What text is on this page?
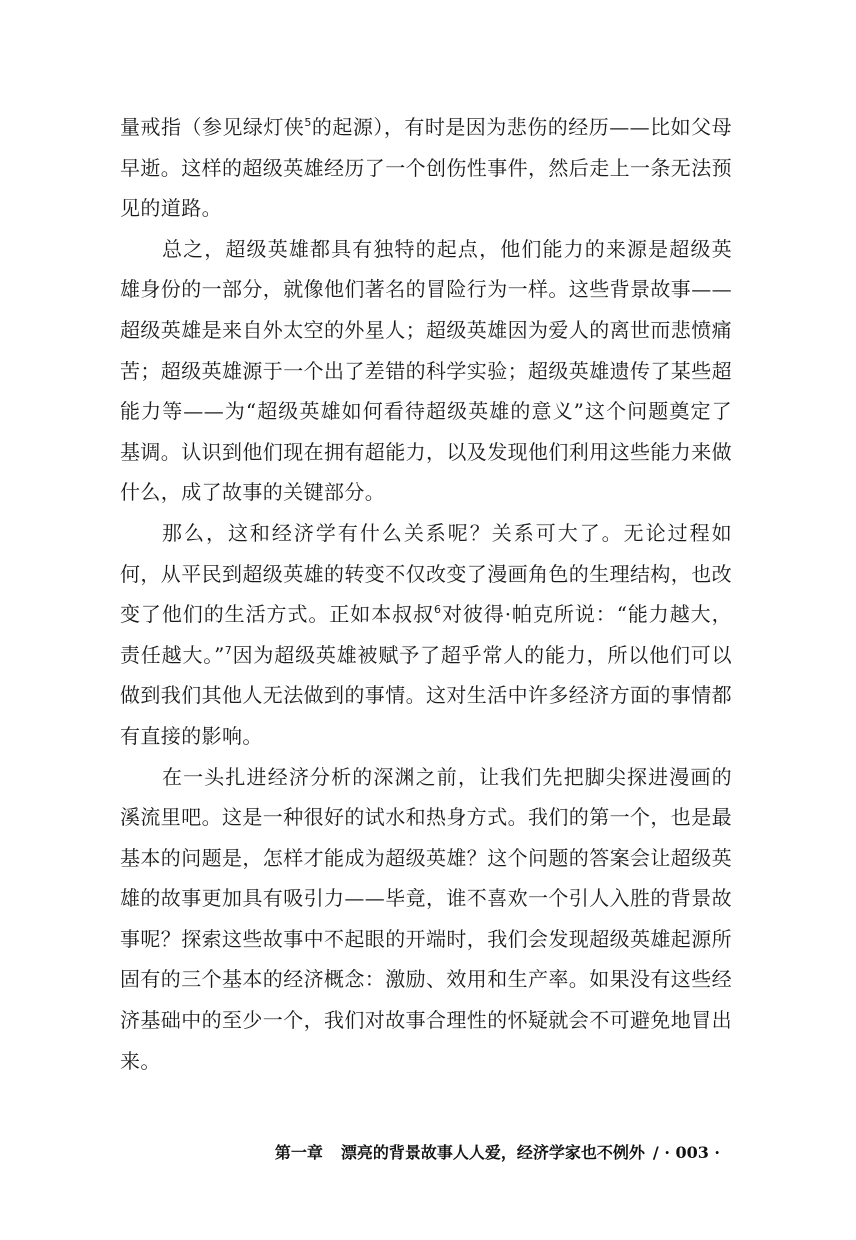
量戒指（参见绿灯侠$^5$的起源），有时是因为悲伤的经历——比如父母早逝。这样的超级英雄经历了一个创伤性事件，然后走上一条无法预见的道路。

总之，超级英雄都具有独特的起点，他们能力的来源是超级英雄身份的一部分，就像他们著名的冒险行为一样。这些背景故事——超级英雄是来自外太空的外星人；超级英雄因为爱人的离世而悲愤痛苦；超级英雄源于一个出了差错的科学实验；超级英雄遗传了某些超能力等——为“超级英雄如何看待超级英雄的意义”这个问题奠定了基调。认识到他们现在拥有超能力，以及发现他们利用这些能力来做什么，成了故事的关键部分。

那么，这和经济学有什么关系呢？关系可大了。无论过程如何，从平民到超级英雄的转变不仅改变了漫画角色的生理结构，也改变了他们的生活方式。正如本叔叔$^6$对彼得·帕克所说：“能力越大，责任越大。”$^7$因为超级英雄被赋予了超乎常人的能力，所以他们可以做到我们其他人无法做到的事情。这对生活中许多经济方面的事情都有直接的影响。

在一头扎进经济分析的深渊之前，让我们先把脚尖探进漫画的溪流里吧。这是一种很好的试水和热身方式。我们的第一个，也是最基本的问题是，怎样才能成为超级英雄？这个问题的答案会让超级英雄的故事更加具有吸引力——毕竟，谁不喜欢一个引人入胜的背景故事呢？探索这些故事中不起眼的开端时，我们会发现超级英雄起源所固有的三个基本的经济概念：激励、效用和生产率。如果没有这些经济基础中的至少一个，我们对故事合理性的怀疑就会不可避免地冒出来。

第一章 漂亮的背景故事人人爱，经济学家也不例外 / · 003 ·
